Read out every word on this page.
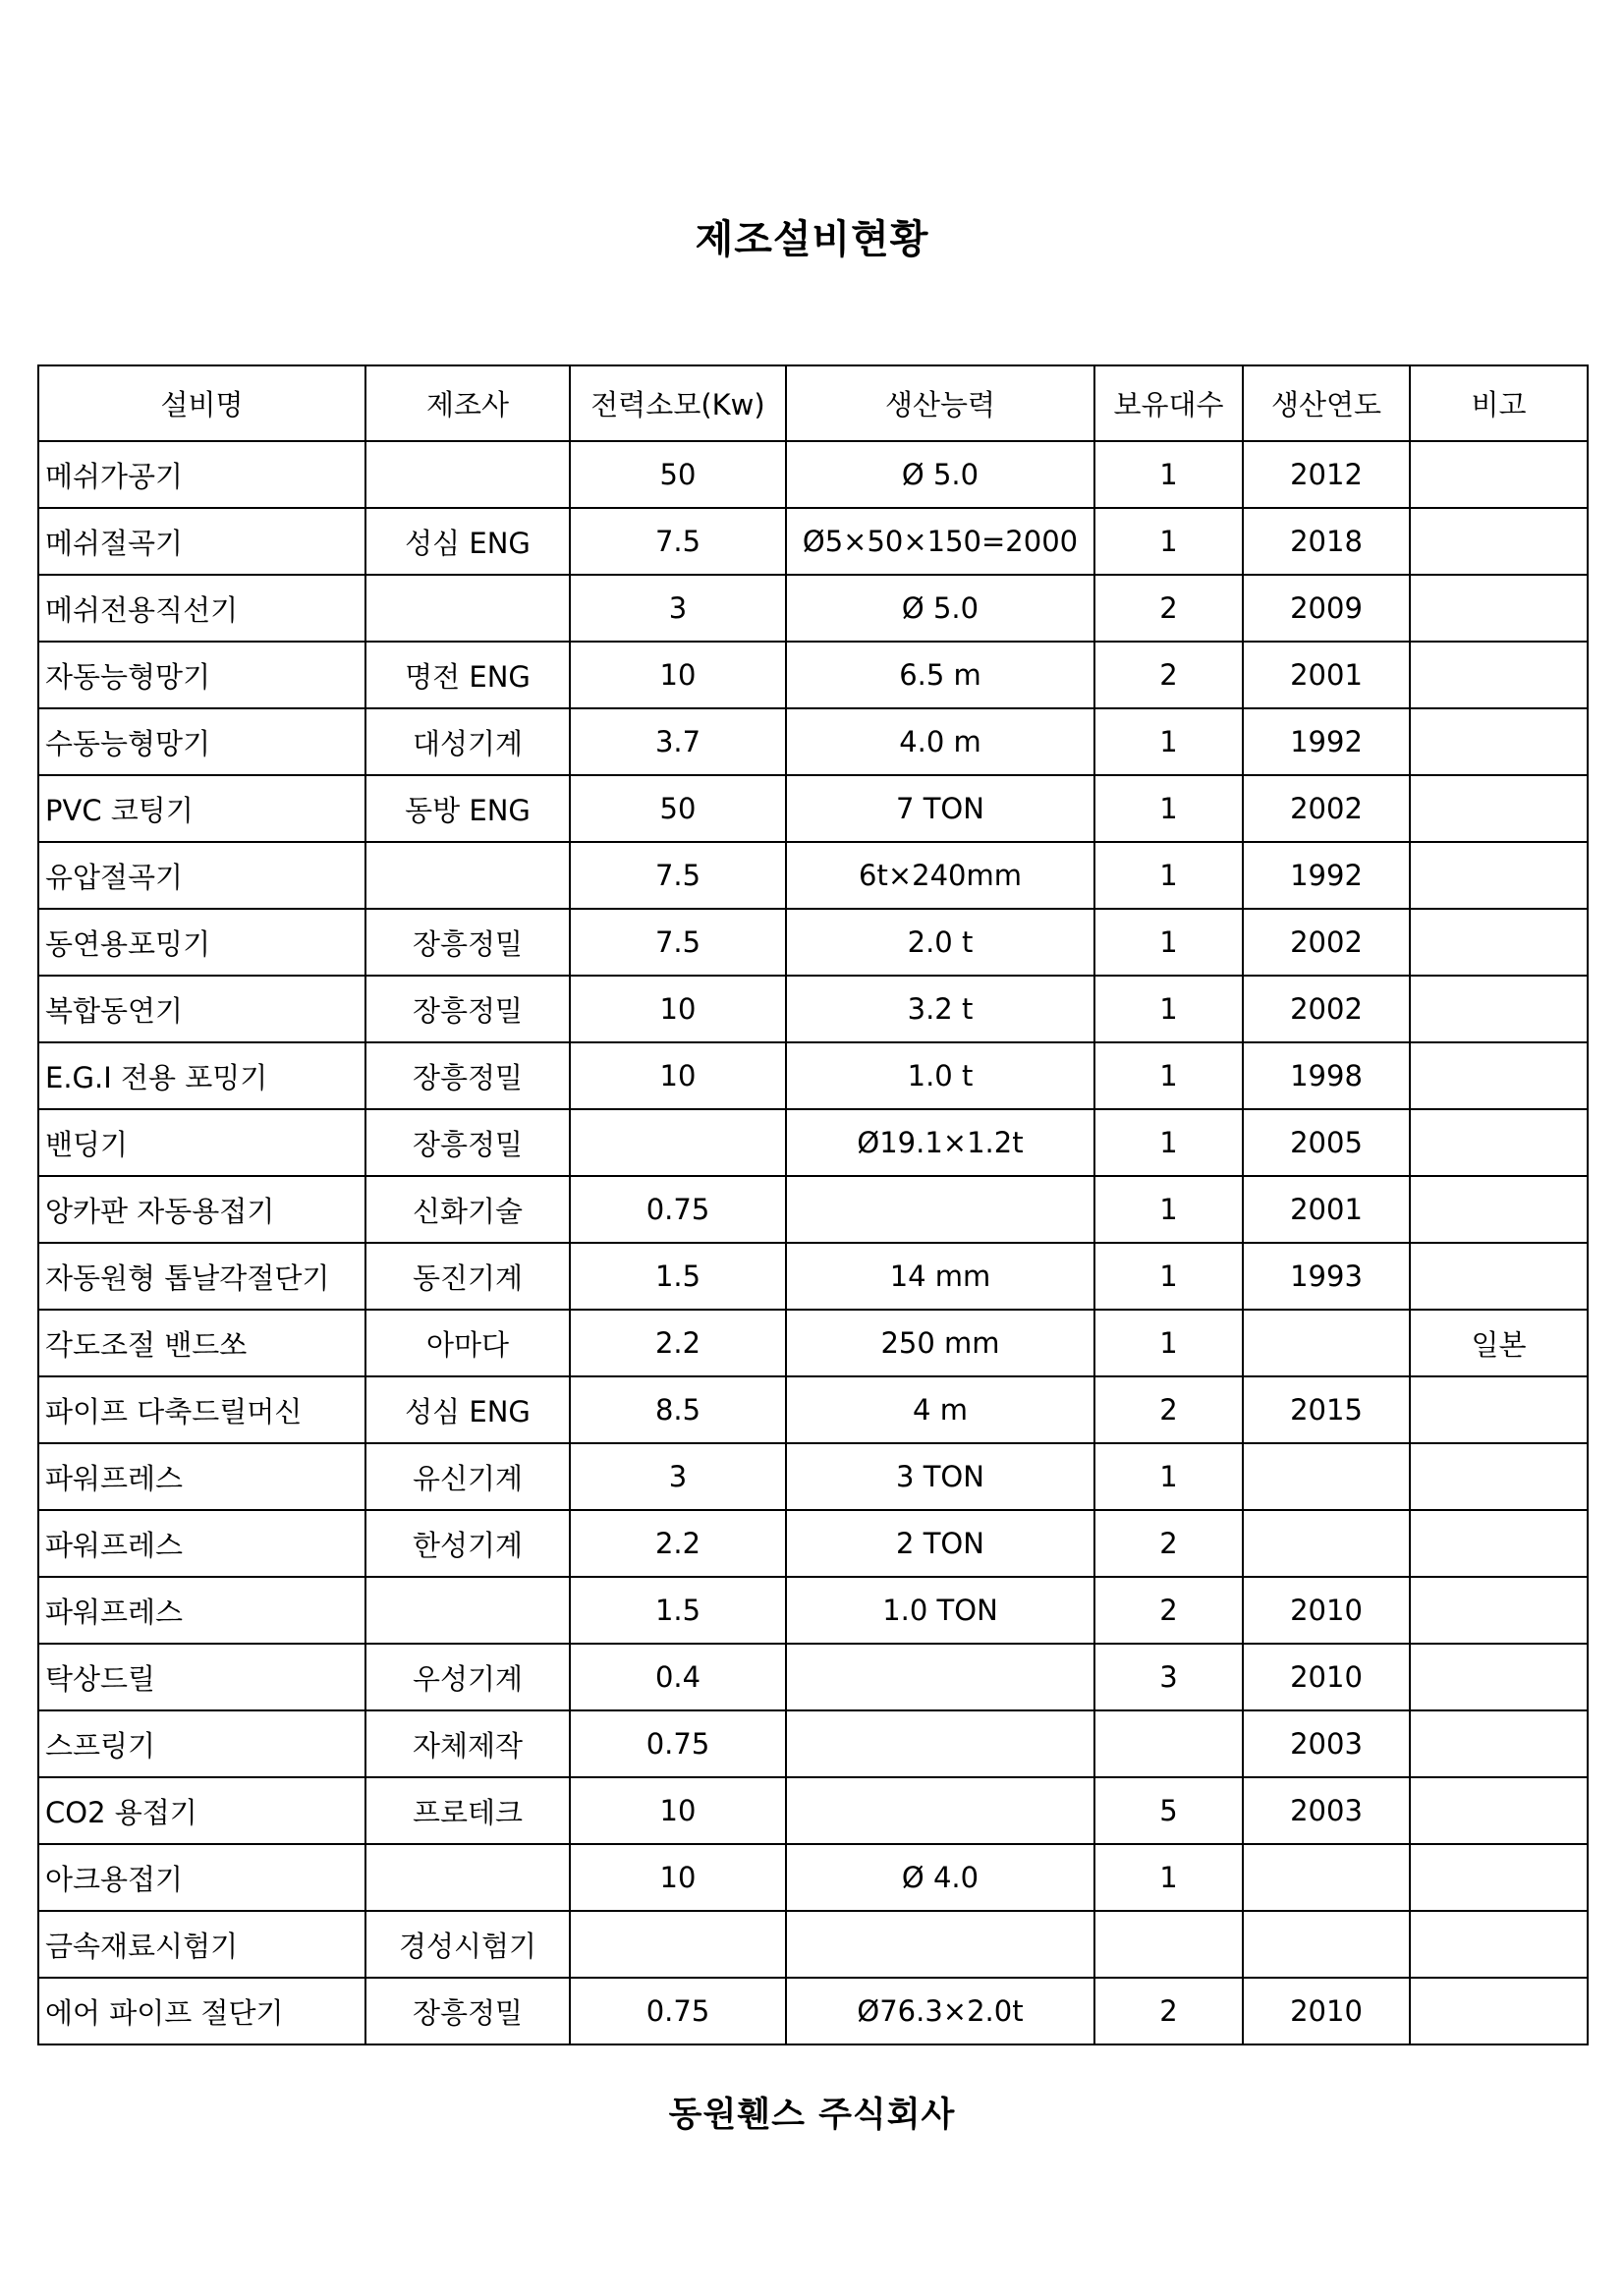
제조설비현황
설비명	제조사	전력소모(Kw)	생산능력	보유대수	생산연도	비고
메쉬가공기		50	Ø 5.0	1	2012	
메쉬절곡기	성심 ENG	7.5	Ø5×50×150=2000	1	2018	
메쉬전용직선기		3	Ø 5.0	2	2009	
자동능형망기	명전 ENG	10	6.5 m	2	2001	
수동능형망기	대성기계	3.7	4.0 m	1	1992	
PVC 코팅기	동방 ENG	50	7 TON	1	2002	
유압절곡기		7.5	6t×240mm	1	1992	
동연용포밍기	장흥정밀	7.5	2.0 t	1	2002	
복합동연기	장흥정밀	10	3.2 t	1	2002	
E.G.I 전용 포밍기	장흥정밀	10	1.0 t	1	1998	
밴딩기	장흥정밀		Ø19.1×1.2t	1	2005	
앙카판 자동용접기	신화기술	0.75		1	2001	
자동원형 톱날각절단기	동진기계	1.5	14 mm	1	1993	
각도조절 밴드쏘	아마다	2.2	250 mm	1		일본
파이프 다축드릴머신	성심 ENG	8.5	4 m	2	2015	
파워프레스	유신기계	3	3 TON	1		
파워프레스	한성기계	2.2	2 TON	2		
파워프레스		1.5	1.0 TON	2	2010	
탁상드릴	우성기계	0.4		3	2010	
스프링기	자체제작	0.75			2003	
CO2 용접기	프로테크	10		5	2003	
아크용접기		10	Ø 4.0	1		
금속재료시험기	경성시험기					
에어 파이프 절단기	장흥정밀	0.75	Ø76.3×2.0t	2	2010	
동원휀스 주식회사
